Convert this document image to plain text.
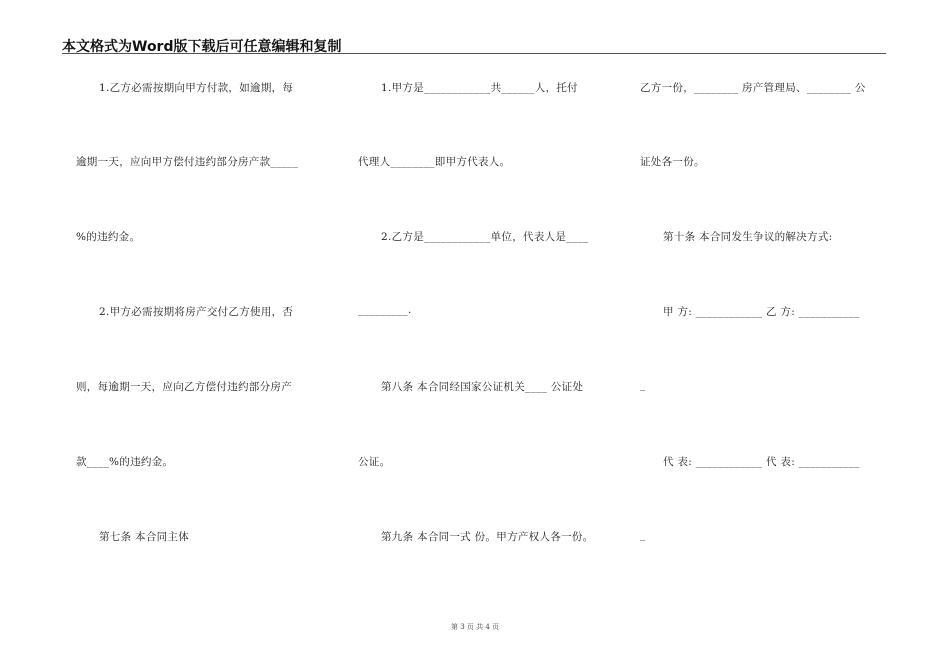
本文格式为Word版下载后可任意编辑和复制
1.乙方必需按期向甲方付款，如逾期，每
逾期一天，应向甲方偿付违约部分房产款_____
%的违约金。
2.甲方必需按期将房产交付乙方使用，否
则，每逾期一天，应向乙方偿付违约部分房产
款____%的违约金。
第七条 本合同主体
1.甲方是____________共______人，托付
代理人________即甲方代表人。
2.乙方是____________单位，代表人是____
_________.
第八条 本合同经国家公证机关____ 公证处
公证。
第九条 本合同一式 份。甲方产权人各一份。
乙方一份，________ 房产管理局、________ 公
证处各一份。
第十条 本合同发生争议的解决方式:
甲 方: ____________ 乙 方: ___________
_
代 表: ____________ 代 表: ___________
_
第 3 页 共 4 页
